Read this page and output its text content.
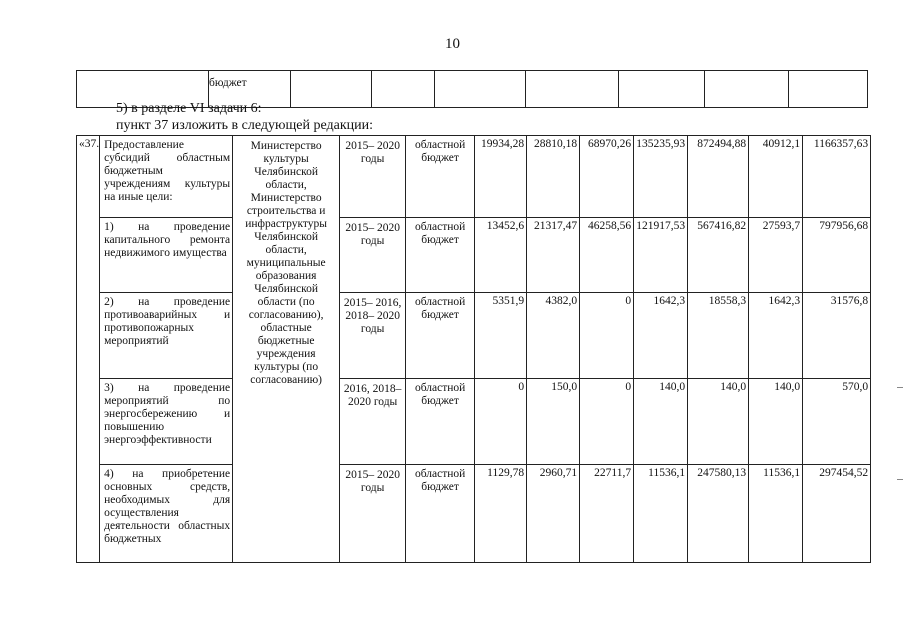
10
	бюджет							
5) в разделе VI задачи 6:
пункт 37 изложить в следующей редакции:
«37.	Предоставление субсидий областным бюджетным учреждениям культуры на иные цели:	Министерство культуры Челябинской области, Министерство строительства и инфраструктуры Челябинской области, муниципальные образования Челябинской области (по согласованию), областные бюджетные учреждения культуры (по согласованию)	2015– 2020 годы	областной бюджет	19934,28	28810,18	68970,26	135235,93	872494,88	40912,1	1166357,63
	1) на проведение капитального ремонта недвижимого имущества		2015– 2020 годы	областной бюджет	13452,6	21317,47	46258,56	121917,53	567416,82	27593,7	797956,68
	2) на проведение противоаварийных и противопожарных мероприятий		2015– 2016, 2018– 2020 годы	областной бюджет	5351,9	4382,0	0	1642,3	18558,3	1642,3	31576,8
	3) на проведение мероприятий по энергосбережению и повышению энергоэффективности		2016, 2018– 2020 годы	областной бюджет	0	150,0	0	140,0	140,0	140,0	570,0
	4) на приобретение основных средств, необходимых для осуществления деятельности областных бюджетных		2015– 2020 годы	областной бюджет	1129,78	2960,71	22711,7	11536,1	247580,13	11536,1	297454,52
